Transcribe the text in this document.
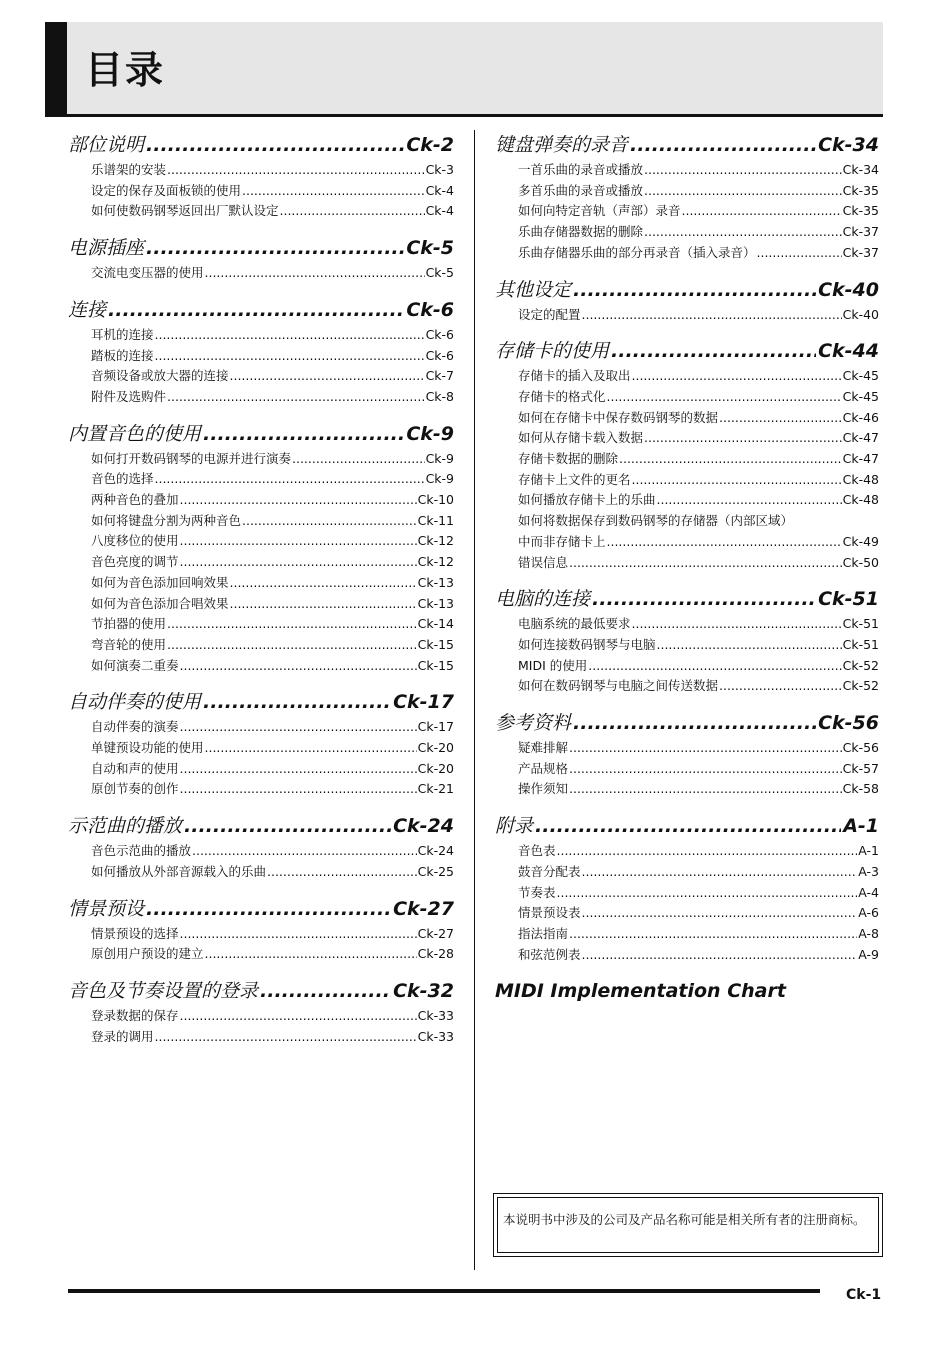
目录
部位说明 .....	Ck-2
乐谱架的安装 .....	Ck-3
设定的保存及面板锁的使用 .....	Ck-4
如何使数码钢琴返回出厂默认设定 .....	Ck-4
电源插座 .....	Ck-5
交流电变压器的使用 .....	Ck-5
连接 .....	Ck-6
耳机的连接 .....	Ck-6
踏板的连接 .....	Ck-6
音频设备或放大器的连接 .....	Ck-7
附件及选购件 .....	Ck-8
内置音色的使用 .....	Ck-9
如何打开数码钢琴的电源并进行演奏 .....	Ck-9
音色的选择 .....	Ck-9
两种音色的叠加 .....	Ck-10
如何将键盘分割为两种音色 .....	Ck-11
八度移位的使用 .....	Ck-12
音色亮度的调节 .....	Ck-12
如何为音色添加回响效果 .....	Ck-13
如何为音色添加合唱效果 .....	Ck-13
节拍器的使用 .....	Ck-14
弯音轮的使用 .....	Ck-15
如何演奏二重奏 .....	Ck-15
自动伴奏的使用 .....	Ck-17
自动伴奏的演奏 .....	Ck-17
单键预设功能的使用 .....	Ck-20
自动和声的使用 .....	Ck-20
原创节奏的创作 .....	Ck-21
示范曲的播放 .....	Ck-24
音色示范曲的播放 .....	Ck-24
如何播放从外部音源载入的乐曲 .....	Ck-25
情景预设 .....	Ck-27
情景预设的选择 .....	Ck-27
原创用户预设的建立 .....	Ck-28
音色及节奏设置的登录 .....	Ck-32
登录数据的保存 .....	Ck-33
登录的调用 .....	Ck-33
键盘弹奏的录音 .....	Ck-34
一首乐曲的录音或播放 .....	Ck-34
多首乐曲的录音或播放 .....	Ck-35
如何向特定音轨（声部）录音 .....	Ck-35
乐曲存储器数据的删除 .....	Ck-37
乐曲存储器乐曲的部分再录音（插入录音） .....	Ck-37
其他设定 .....	Ck-40
设定的配置 .....	Ck-40
存储卡的使用 .....	Ck-44
存储卡的插入及取出 .....	Ck-45
存储卡的格式化 .....	Ck-45
如何在存储卡中保存数码钢琴的数据 .....	Ck-46
如何从存储卡载入数据 .....	Ck-47
存储卡数据的删除 .....	Ck-47
存储卡上文件的更名 .....	Ck-48
如何播放存储卡上的乐曲 .....	Ck-48
如何将数据保存到数码钢琴的存储器（内部区域）
中而非存储卡上 .....	Ck-49
错误信息 .....	Ck-50
电脑的连接 .....	Ck-51
电脑系统的最低要求 .....	Ck-51
如何连接数码钢琴与电脑 .....	Ck-51
MIDI 的使用 .....	Ck-52
如何在数码钢琴与电脑之间传送数据 .....	Ck-52
参考资料 .....	Ck-56
疑难排解 .....	Ck-56
产品规格 .....	Ck-57
操作须知 .....	Ck-58
附录 .....	A-1
音色表 .....	A-1
鼓音分配表 .....	A-3
节奏表 .....	A-4
情景预设表 .....	A-6
指法指南 .....	A-8
和弦范例表 .....	A-9
MIDI Implementation Chart
本说明书中涉及的公司及产品名称可能是相关所有者的注册商标。
Ck-1
